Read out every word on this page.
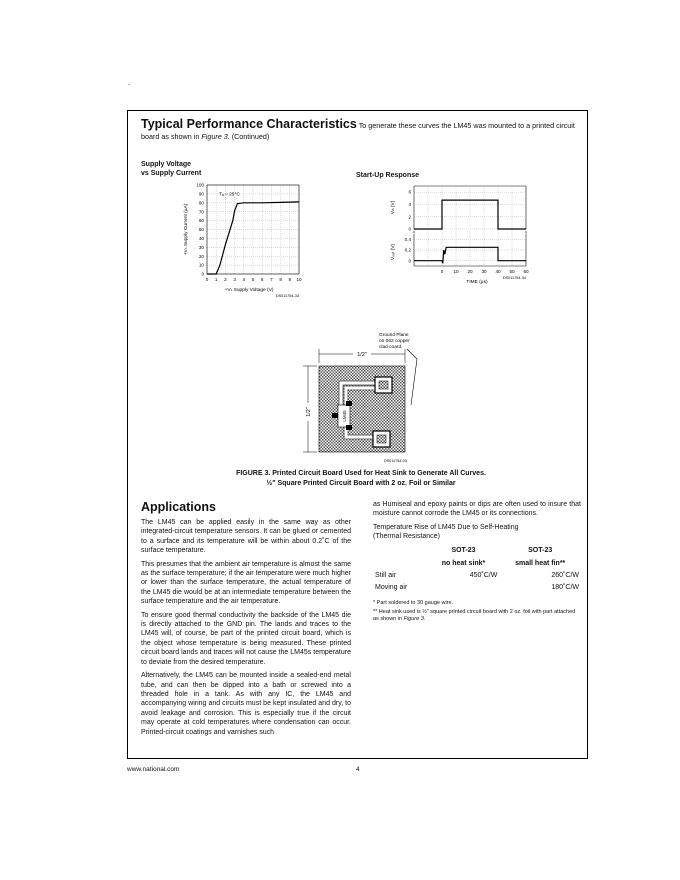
.
Typical Performance Characteristics To generate these curves the LM45 was mounted to a printed circuit board as shown in Figure 3. (Continued)
Supply Voltage
vs Supply Current
0
10
20
30
40
50
60
70
80
90
100
0 1 2 3 4 5 6 7 8 9 10
Tₐ = 25°C
+Vₛ Supply Voltage (V)
+Vₛ Supply Current (μA)
DS011754-33
Start-Up Response
≈	≈
0
2
4
6
0
0.2
0.4
0 10 20 30 40 50 60
Vᵢₙ (V)
Vₒᵤₜ (V)
TIME (μs)
DS011754-34
Ground Plane
on 062 copper
clad coard.
1/2"
1/2"	LM45
DS011754-03
FIGURE 3. Printed Circuit Board Used for Heat Sink to Generate All Curves.
½" Square Printed Circuit Board with 2 oz. Foil or Similar
Applications

The LM45 can be applied easily in the same way as other integrated-circuit temperature sensors. It can be glued or cemented to a surface and its temperature will be within about 0.2˚C of the surface temperature.

This presumes that the ambient air temperature is almost the same as the surface temperature; if the air temperature were much higher or lower than the surface temperature, the actual temperature of the LM45 die would be at an intermediate temperature between the surface temperature and the air temperature.

To ensure good thermal conductivity the backside of the LM45 die is directly attached to the GND pin. The lands and traces to the LM45 will, of course, be part of the printed circuit board, which is the object whose temperature is being measured. These printed circuit board lands and traces will not cause the LM45s temperature to deviate from the desired temperature.

Alternatively, the LM45 can be mounted inside a sealed-end metal tube, and can then be dipped into a bath or screwed into a threaded hole in a tank. As with any IC, the LM45 and accompanying wiring and circuits must be kept insulated and dry, to avoid leakage and corrosion. This is especially true if the circuit may operate at cold temperatures where condensation can occur. Printed-circuit coatings and varnishes such

as Humiseal and epoxy paints or dips are often used to insure that moisture cannot corrode the LM45 or its connections.

Temperature Rise of LM45 Due to Self-Heating
(Thermal Resistance)
	SOT-23	SOT-23
	no heat sink*	small heat fin**
Still air	450˚C/W	260˚C/W
Moving air		180˚C/W
* Part soldered to 30 gauge wire.
** Heat sink used is ½" square printed circuit board with 2 oz. foil with part attached as shown in Figure 3.
www.national.com	4
